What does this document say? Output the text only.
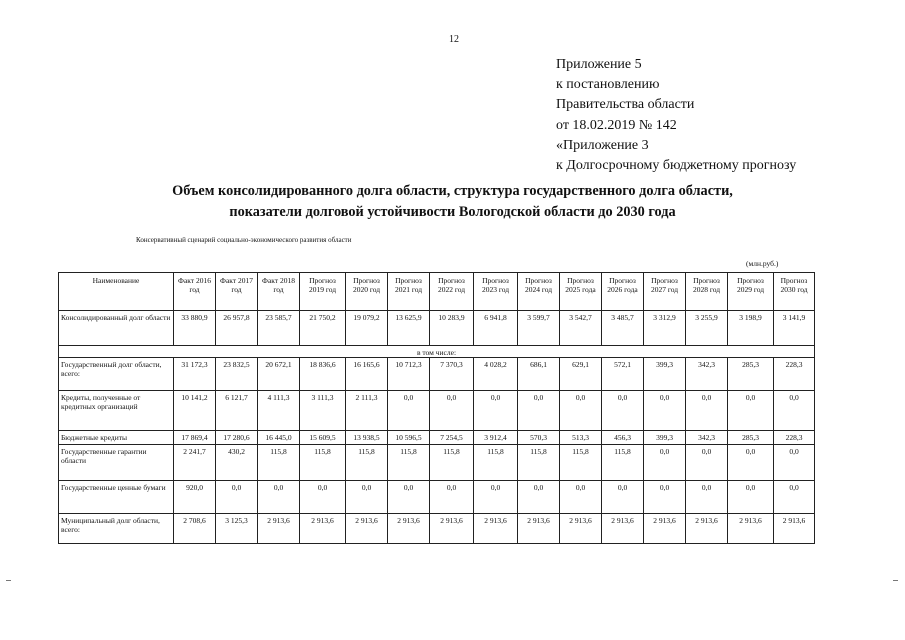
12
Приложение 5
к постановлению
Правительства области
от 18.02.2019 № 142
«Приложение 3
к Долгосрочному бюджетному прогнозу
Объем консолидированного долга области, структура государственного долга области,
показатели долговой устойчивости Вологодской области до 2030 года
Консервативный сценарий социально-экономического развития области
(млн.руб.)
Наименование	Факт 2016 год	Факт 2017 год	Факт 2018 год	Прогноз 2019 год	Прогноз 2020 год	Прогноз 2021 год	Прогноз 2022 год	Прогноз 2023 год	Прогноз 2024 год	Прогноз 2025 года	Прогноз 2026 года	Прогноз 2027 год	Прогноз 2028 год	Прогноз 2029 год	Прогноз 2030 год
Консолидированный долг области	33 880,9	26 957,8	23 585,7	21 750,2	19 079,2	13 625,9	10 283,9	6 941,8	3 599,7	3 542,7	3 485,7	3 312,9	3 255,9	3 198,9	3 141,9
в том числе:															
Государственный долг области, всего:	31 172,3	23 832,5	20 672,1	18 836,6	16 165,6	10 712,3	7 370,3	4 028,2	686,1	629,1	572,1	399,3	342,3	285,3	228,3
Кредиты, полученные от кредитных организаций	10 141,2	6 121,7	4 111,3	3 111,3	2 111,3	0,0	0,0	0,0	0,0	0,0	0,0	0,0	0,0	0,0	0,0
Бюджетные кредиты	17 869,4	17 280,6	16 445,0	15 609,5	13 938,5	10 596,5	7 254,5	3 912,4	570,3	513,3	456,3	399,3	342,3	285,3	228,3
Государственные гарантии области	2 241,7	430,2	115,8	115,8	115,8	115,8	115,8	115,8	115,8	115,8	115,8	0,0	0,0	0,0	0,0
Государственные ценные бумаги	920,0	0,0	0,0	0,0	0,0	0,0	0,0	0,0	0,0	0,0	0,0	0,0	0,0	0,0	0,0
Муниципальный долг области, всего:	2 708,6	3 125,3	2 913,6	2 913,6	2 913,6	2 913,6	2 913,6	2 913,6	2 913,6	2 913,6	2 913,6	2 913,6	2 913,6	2 913,6	2 913,6
